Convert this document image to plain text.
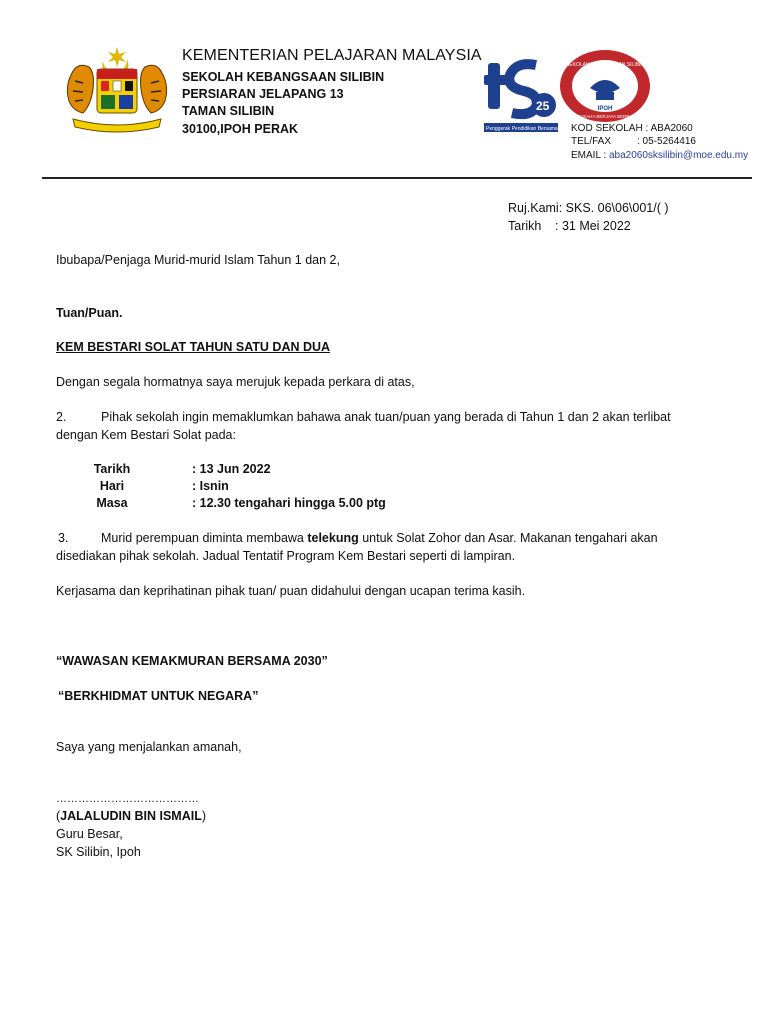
KEMENTERIAN PELAJARAN MALAYSIA
SEKOLAH KEBANGSAAN SILIBIN
PERSIARAN JELAPANG 13
TAMAN SILIBIN
30100,IPOH PERAK
25
Penggerak Pendidikan Bersama
SEKOLAH KEBANGSAAN SILIBIN
IPOH
BERUSAHA BERJAYA BERBAKTI
KOD SEKOLAH : ABA2060
TEL/FAX	: 05-5264416
EMAIL : aba2060sksilibin@moe.edu.my
Ruj.Kami: SKS. 06\06\001/( )
Tarikh : 31 Mei 2022
Ibubapa/Penjaga Murid-murid Islam Tahun 1 dan 2,
Tuan/Puan.
KEM BESTARI SOLAT TAHUN SATU DAN DUA
Dengan segala hormatnya saya merujuk kepada perkara di atas,
2.	Pihak sekolah ingin memaklumkan bahawa anak tuan/puan yang berada di Tahun 1 dan 2 akan terlibat
dengan Kem Bestari Solat pada:
Tarikh	: 13 Jun 2022
Hari	: Isnin
Masa	: 12.30 tengahari hingga 5.00 ptg
3.	Murid perempuan diminta membawa telekung untuk Solat Zohor dan Asar. Makanan tengahari akan
disediakan pihak sekolah. Jadual Tentatif Program Kem Bestari seperti di lampiran.
Kerjasama dan keprihatinan pihak tuan/ puan didahului dengan ucapan terima kasih.
“WAWASAN KEMAKMURAN BERSAMA 2030”
“BERKHIDMAT UNTUK NEGARA”
Saya yang menjalankan amanah,
…………………………………
(JALALUDIN BIN ISMAIL)
Guru Besar,
SK Silibin, Ipoh
